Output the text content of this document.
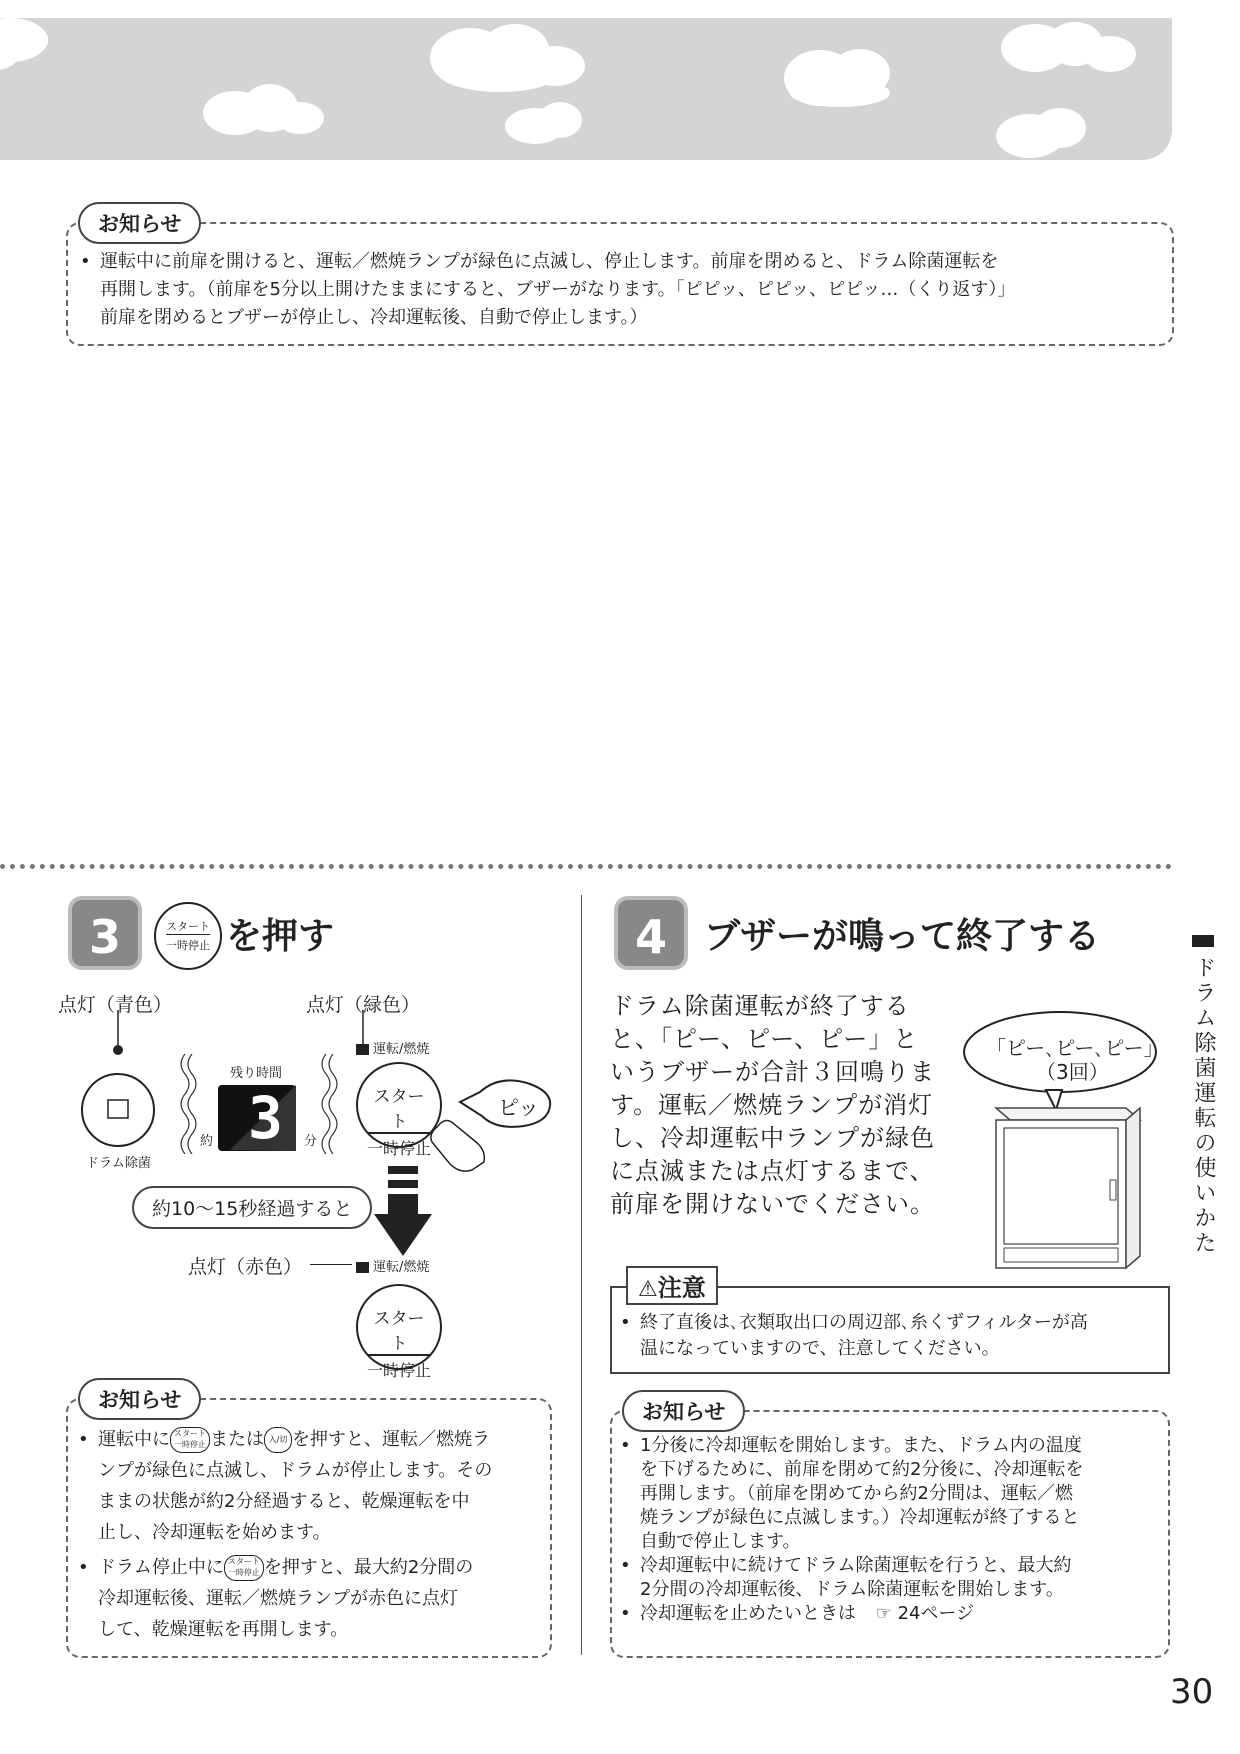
お知らせ
• 運転中に前扉を開けると、運転／燃焼ランプが緑色に点滅し、停止します。前扉を閉めると、ドラム除菌運転を
再開します。（前扉を5分以上開けたままにすると、ブザーがなります。「ピピッ、ピピッ、ピピッ…（くり返す）」
前扉を閉めるとブザーが停止し、冷却運転後、自動で停止します。）
3	スタート
一時停止 を押す
点灯（青色）	点灯（緑色）
運転/燃焼
残り時間
約	分
3
ドラム除菌
スタート
一時停止
ピッ
約10〜15秒経過すると
点灯（赤色）	運転/燃焼
スタート
一時停止
お知らせ
• 運転中に スタート
一時停止 または 入/切 を押すと、運転／燃焼ラ
ンプが緑色に点滅し、ドラムが停止します。その
ままの状態が約2分経過すると、乾燥運転を中
止し、冷却運転を始めます。
• ドラム停止中に スタート
一時停止 を押すと、最大約2分間の
冷却運転後、運転／燃焼ランプが赤色に点灯
して、乾燥運転を再開します。
4	ブザーが鳴って終了する
ドラム除菌運転が終了する
と、「ピー、ピー、ピー」と
いうブザーが合計３回鳴りま
す。運転／燃焼ランプが消灯
し、冷却運転中ランプが緑色
に点滅または点灯するまで、
前扉を開けないでください。
「ピー､ピー､ピー」
（3回）
⚠注意
• 終了直後は､衣類取出口の周辺部､糸くずフィルターが高
温になっていますので、注意してください。
お知らせ
• 1分後に冷却運転を開始します。また、ドラム内の温度
を下げるために、前扉を閉めて約2分後に、冷却運転を
再開します。（前扉を閉めてから約2分間は、運転／燃
焼ランプが緑色に点滅します。）冷却運転が終了すると
自動で停止します。
• 冷却運転中に続けてドラム除菌運転を行うと、最大約
2分間の冷却運転後、ドラム除菌運転を開始します。
• 冷却運転を止めたいときは ☞ 24ページ
ドラム除菌運転の使いかた
30
